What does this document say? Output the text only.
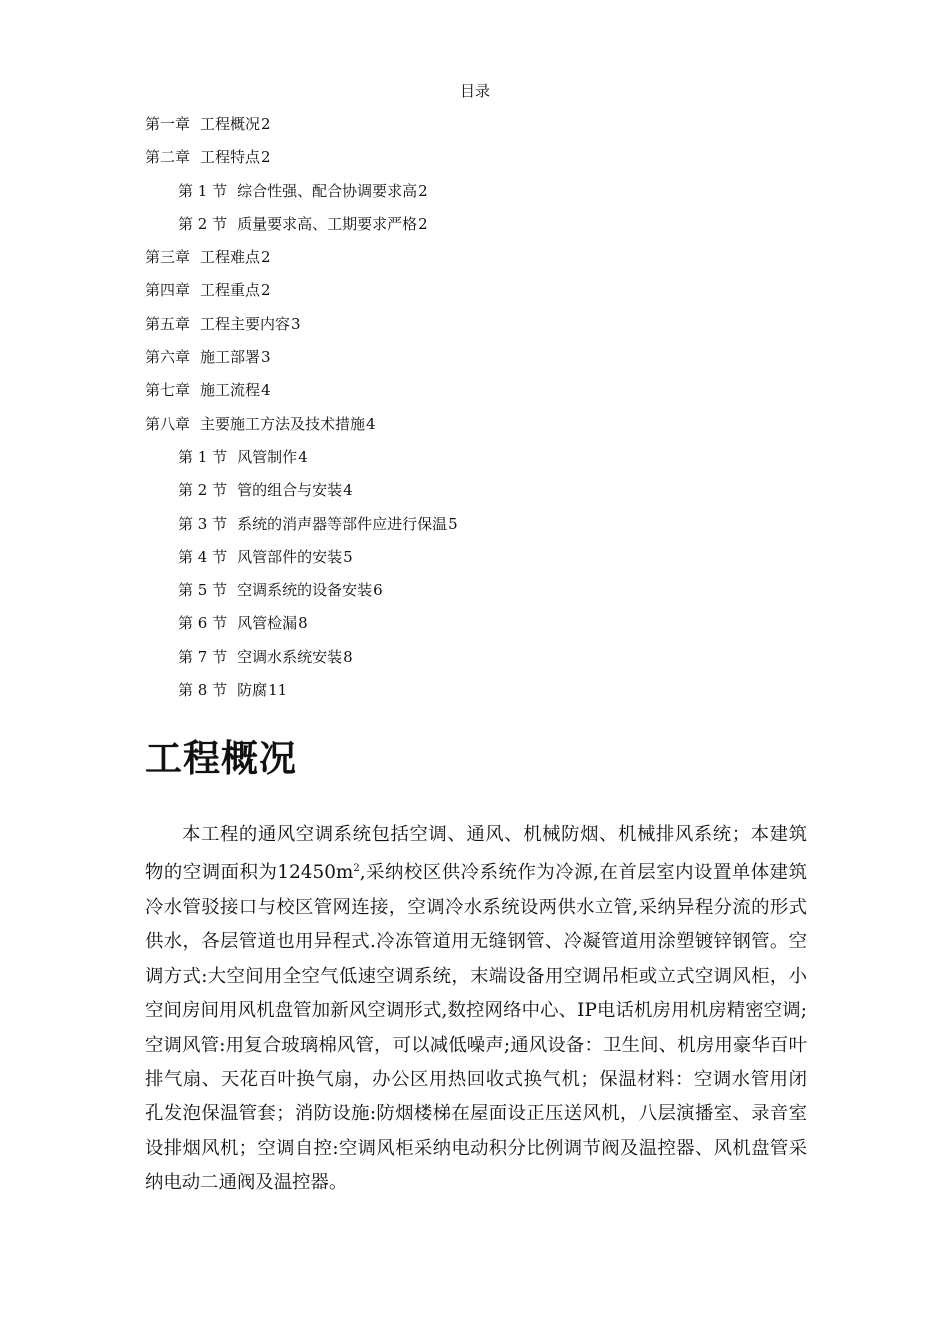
目录
第一章 工程概况2
第二章 工程特点2
第 1 节 综合性强、配合协调要求高2
第 2 节 质量要求高、工期要求严格2
第三章 工程难点2
第四章 工程重点2
第五章 工程主要内容3
第六章 施工部署3
第七章 施工流程4
第八章 主要施工方法及技术措施4
第 1 节 风管制作4
第 2 节 管的组合与安装4
第 3 节 系统的消声器等部件应进行保温5
第 4 节 风管部件的安装5
第 5 节 空调系统的设备安装6
第 6 节 风管检漏8
第 7 节 空调水系统安装8
第 8 节 防腐11
工程概况

本工程的通风空调系统包括空调、通风、机械防烟、机械排风系统；本建筑物的空调面积为$12450m^2$,采纳校区供冷系统作为冷源,在首层室内设置单体建筑冷水管驳接口与校区管网连接，空调冷水系统设两供水立管,采纳异程分流的形式供水，各层管道也用异程式.冷冻管道用无缝钢管、冷凝管道用涂塑镀锌钢管。空调方式:大空间用全空气低速空调系统，末端设备用空调吊柜或立式空调风柜，小空间房间用风机盘管加新风空调形式,数控网络中心、IP电话机房用机房精密空调;空调风管:用复合玻璃棉风管，可以减低噪声;通风设备：卫生间、机房用豪华百叶排气扇、天花百叶换气扇，办公区用热回收式换气机；保温材料：空调水管用闭孔发泡保温管套；消防设施:防烟楼梯在屋面设正压送风机，八层演播室、录音室设排烟风机；空调自控:空调风柜采纳电动积分比例调节阀及温控器、风机盘管采纳电动二通阀及温控器。
